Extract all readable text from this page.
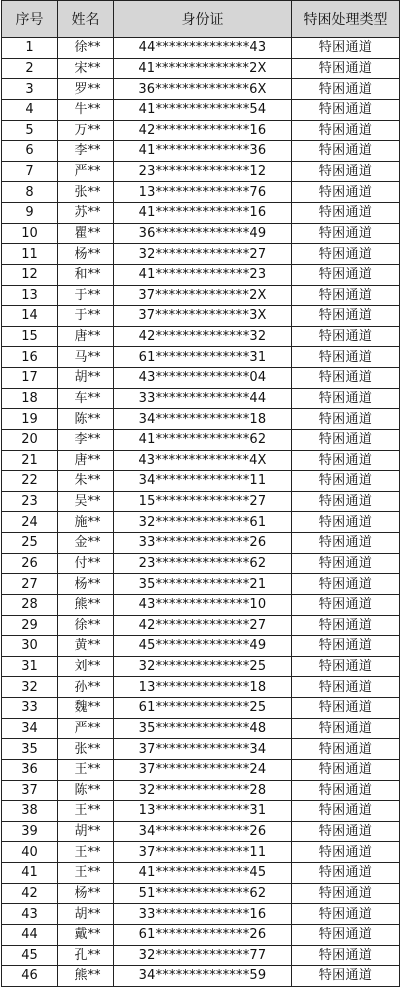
序号	姓名	身份证	特困处理类型
1	徐**	44**************43	特困通道
2	宋**	41**************2X	特困通道
3	罗**	36**************6X	特困通道
4	牛**	41**************54	特困通道
5	万**	42**************16	特困通道
6	李**	41**************36	特困通道
7	严**	23**************12	特困通道
8	张**	13**************76	特困通道
9	苏**	41**************16	特困通道
10	瞿**	36**************49	特困通道
11	杨**	32**************27	特困通道
12	和**	41**************23	特困通道
13	于**	37**************2X	特困通道
14	于**	37**************3X	特困通道
15	唐**	42**************32	特困通道
16	马**	61**************31	特困通道
17	胡**	43**************04	特困通道
18	车**	33**************44	特困通道
19	陈**	34**************18	特困通道
20	李**	41**************62	特困通道
21	唐**	43**************4X	特困通道
22	朱**	34**************11	特困通道
23	吴**	15**************27	特困通道
24	施**	32**************61	特困通道
25	金**	33**************26	特困通道
26	付**	23**************62	特困通道
27	杨**	35**************21	特困通道
28	熊**	43**************10	特困通道
29	徐**	42**************27	特困通道
30	黄**	45**************49	特困通道
31	刘**	32**************25	特困通道
32	孙**	13**************18	特困通道
33	魏**	61**************25	特困通道
34	严**	35**************48	特困通道
35	张**	37**************34	特困通道
36	王**	37**************24	特困通道
37	陈**	32**************28	特困通道
38	王**	13**************31	特困通道
39	胡**	34**************26	特困通道
40	王**	37**************11	特困通道
41	王**	41**************45	特困通道
42	杨**	51**************62	特困通道
43	胡**	33**************16	特困通道
44	戴**	61**************26	特困通道
45	孔**	32**************77	特困通道
46	熊**	34**************59	特困通道
